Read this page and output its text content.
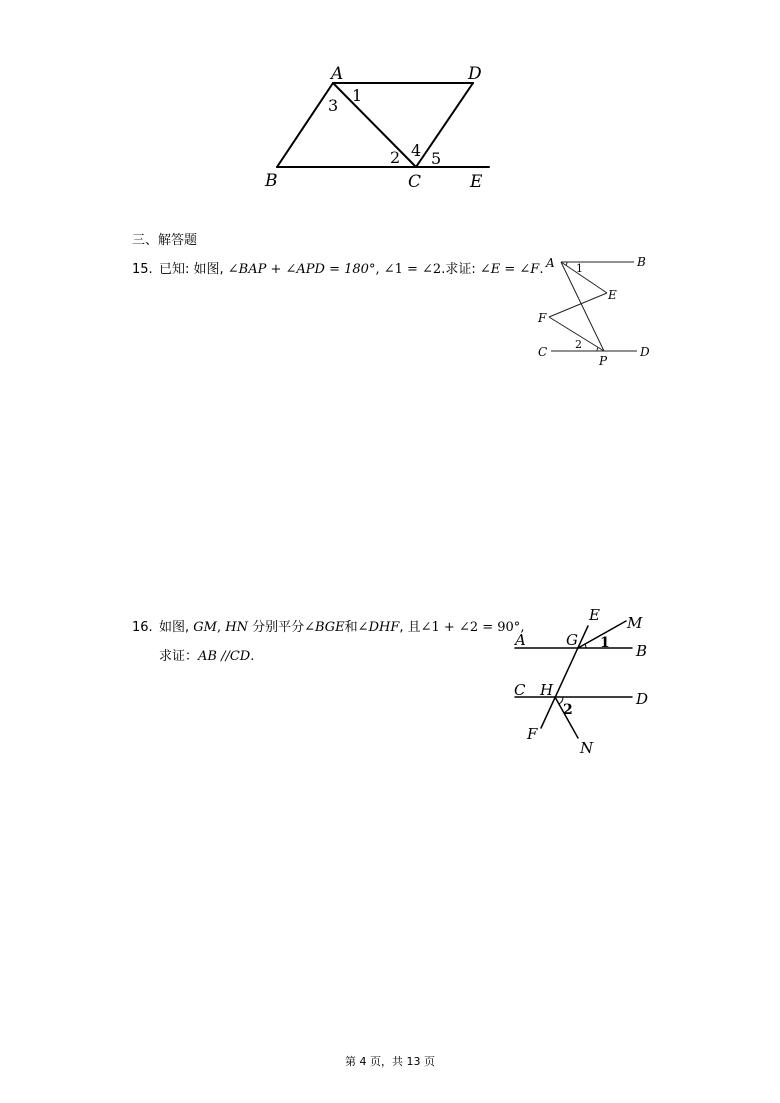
A	D
B	C	E
1
3
2 4 5
三、解答题
15. 已知: 如图, ∠BAP + ∠APD = 180°, ∠1 = ∠2.求证: ∠E = ∠F. A	B
1
E
F
C
2
P
D
16. 如图, GM, HN 分别平分∠BGE和∠DHF, 且∠1 + ∠2 = 90°,
求证：AB //CD.
A
B
G
E M
1
C H	D
2
F
N
第 4 页，共 13 页
